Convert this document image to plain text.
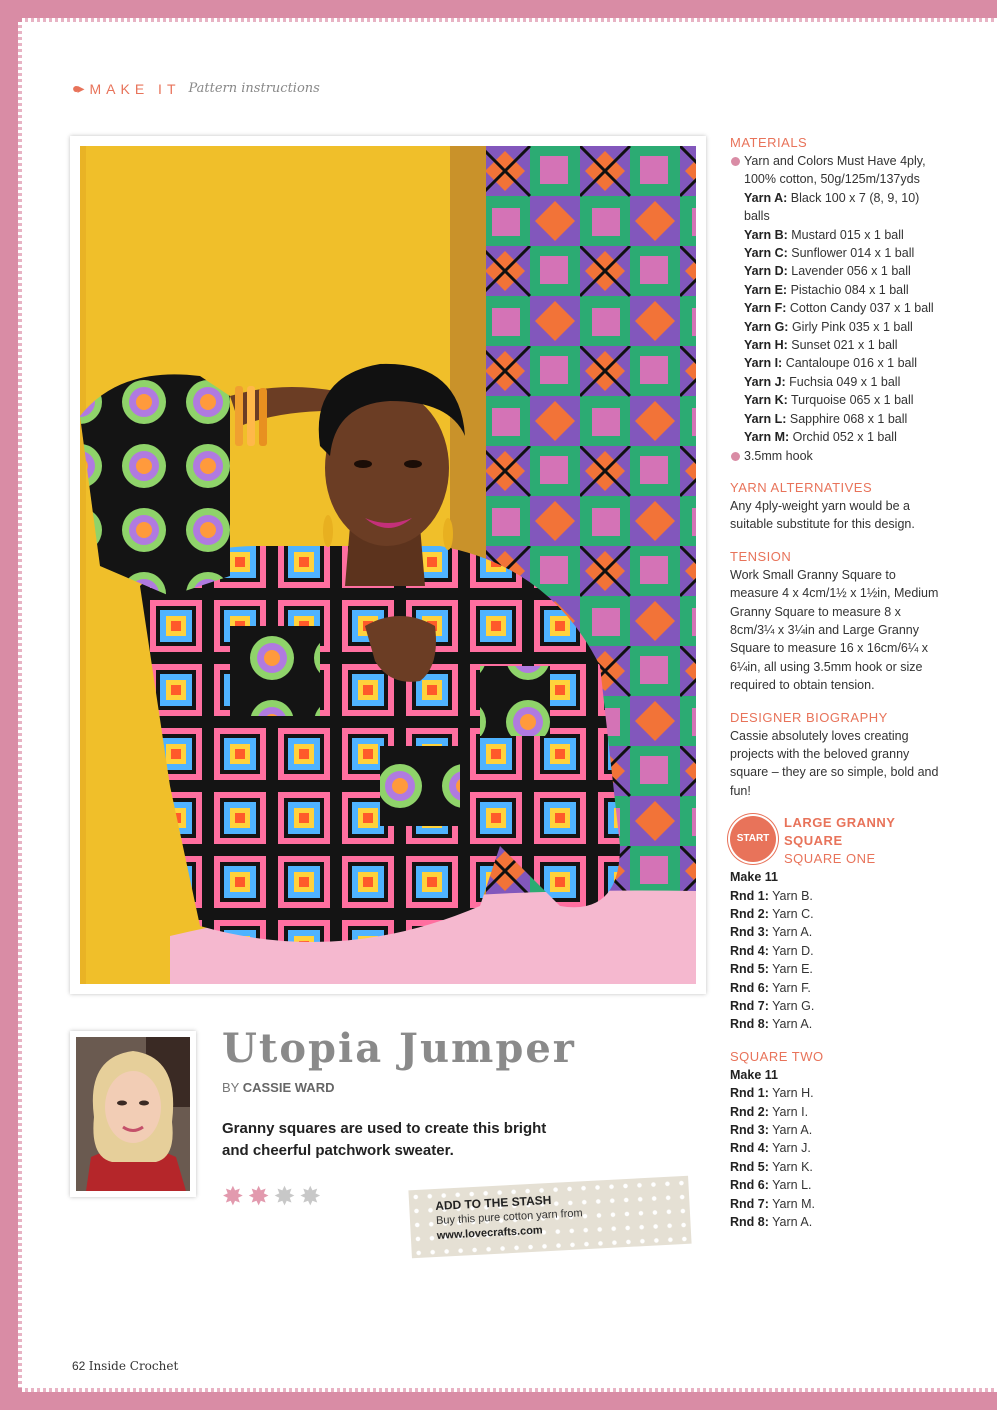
●▸ MAKE IT Pattern instructions
Utopia Jumper
BY CASSIE WARD
Granny squares are used to create this bright and cheerful patchwork sweater.
✸ ✸ ✸ ✸	ADD TO THE STASH
Buy this pure cotton yarn from
www.lovecrafts.com
MATERIALS

Yarn and Colors Must Have 4ply, 100% cotton, 50g/125m/137yds

Yarn A: Black 100 x 7 (8, 9, 10) balls

Yarn B: Mustard 015 x 1 ball

Yarn C: Sunflower 014 x 1 ball

Yarn D: Lavender 056 x 1 ball

Yarn E: Pistachio 084 x 1 ball

Yarn F: Cotton Candy 037 x 1 ball

Yarn G: Girly Pink 035 x 1 ball

Yarn H: Sunset 021 x 1 ball

Yarn I: Cantaloupe 016 x 1 ball

Yarn J: Fuchsia 049 x 1 ball

Yarn K: Turquoise 065 x 1 ball

Yarn L: Sapphire 068 x 1 ball

Yarn M: Orchid 052 x 1 ball

3.5mm hook

YARN ALTERNATIVES

Any 4ply-weight yarn would be a suitable substitute for this design.

TENSION

Work Small Granny Square to measure 4 x 4cm/1½ x 1½in, Medium Granny Square to measure 8 x 8cm/3¼ x 3¼in and Large Granny Square to measure 16 x 16cm/6¼ x 6¼in, all using 3.5mm hook or size required to obtain tension.

DESIGNER BIOGRAPHY

Cassie absolutely loves creating projects with the beloved granny square – they are so simple, bold and fun!

START
LARGE GRANNY SQUARE
SQUARE ONE

Make 11

Rnd 1: Yarn B.

Rnd 2: Yarn C.

Rnd 3: Yarn A.

Rnd 4: Yarn D.

Rnd 5: Yarn E.

Rnd 6: Yarn F.

Rnd 7: Yarn G.

Rnd 8: Yarn A.

SQUARE TWO

Make 11

Rnd 1: Yarn H.

Rnd 2: Yarn I.

Rnd 3: Yarn A.

Rnd 4: Yarn J.

Rnd 5: Yarn K.

Rnd 6: Yarn L.

Rnd 7: Yarn M.

Rnd 8: Yarn A.

62 Inside Crochet
